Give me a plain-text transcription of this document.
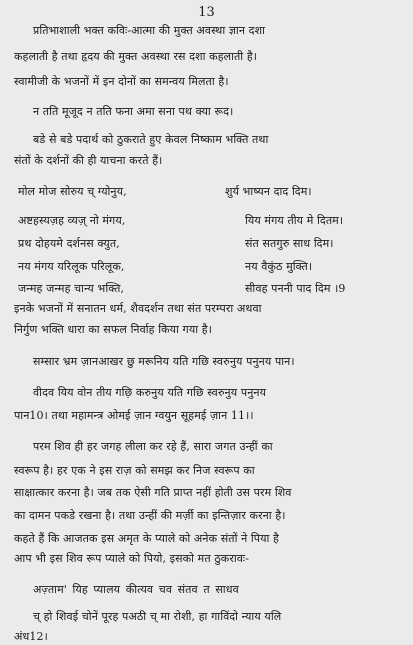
13
प्रतिभाशाली भक्त कविः-आत्मा की मुक्त अवस्था ज्ञान दशा
कहलाती है तथा हृदय की मुक्त अवस्था रस दशा कहलाती है।
स्वामीजी के भजनों में इन दोनों का समन्वय मिलता है।
न तति मूजूद न तति फना अमा सना पथ क्या रूद।
बडे से बडे पदार्थ को ठुकराते हुए केवल निष्काम भक्ति तथा
संतों के दर्शनों की ही याचना करते हैं।
मोल मोज सोरुय च् ग्योनुय,	शुर्य भाष्यन दाद दिम।
अष्टहस्यज़ह व्यज़् नो मंगय,	यिय मंगय तीय मे दितम।
प्रथ दोहयमे दर्शनस क्युत,	संत सतगुरु साध दिम।
नय मंगय यरिलूक परिलूक,	नय वैकुंठ मुक्ति।
जन्मह जन्मह चान्य भक्ति,	सीवह पननी पाद दिम ।9
इनके भजनों में सनातन धर्म, शैवदर्शन तथा संत परम्परा अथवा
निर्गुण भक्ति धारा का सफल निर्वाह किया गया है।
सम्सार भ्रम ज़ानआखर छु मरूनिय यति गछि स्वरुनुय पनुनय पान।
वीदव यिय वोन तीय गछ़ि करुनुय यति गछि स्वरुनुय पनुनय
पान10। तथा महामन्त्र ओमई ज़ान ग्वयुन सूहमई ज़ान 11।।
परम शिव ही हर जगह लीला कर रहे हैं, सारा जगत उन्हीं का
स्वरूप है। हर एक ने इस राज़ को समझ कर निज स्वरूप का
साक्षात्कार करना है। जब तक ऐसी गति प्राप्त नहीं होती उस परम शिव
का दामन पकडे रखना है। तथा उन्हीं की मर्ज़ी का इन्तिज़ार करना है।
कहते हैं कि आजतक इस अमृत के प्याले को अनेक संतों ने पिया है
आप भी इस शिव रूप प्याले को पियो, इसको मत ठुकरावः-
अज़्ताम' यिह प्यालय कीत्यव चव संतव त साधव
च् हो शिवई चोनें पूरह पअठी च् मा रोशी, हा गाविंदो न्याय यलि
अंध12।
